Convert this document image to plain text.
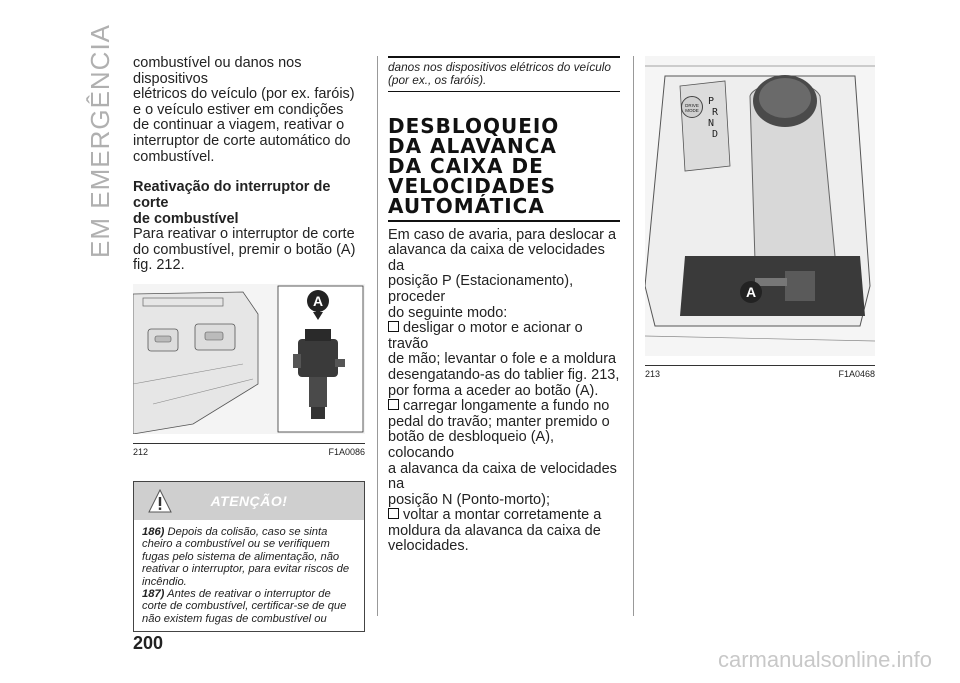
EM EMERGÊNCIA combustível ou danos nos dispositivos
elétricos do veículo (por ex. faróis)
e o veículo estiver em condições
de continuar a viagem, reativar o
interruptor de corte automático do
combustível.

Reativação do interruptor de corte
de combustível

Para reativar o interruptor de corte
do combustível, premir o botão (A)
fig. 212.

A
212	F1A0086
ATENÇÃO!
186) Depois da colisão, caso se sinta
cheiro a combustível ou se verifiquem
fugas pelo sistema de alimentação, não
reativar o interruptor, para evitar riscos de
incêndio.
187) Antes de reativar o interruptor de
corte de combustível, certificar-se de que
não existem fugas de combustível ou
danos nos dispositivos elétricos do veículo
(por ex., os faróis).
DESBLOQUEIO
DA ALAVANCA
DA CAIXA DE
VELOCIDADES
AUTOMÁTICA

Em caso de avaria, para deslocar a
alavanca da caixa de velocidades da
posição P (Estacionamento), proceder
do seguinte modo:

desligar o motor e acionar o travão
de mão; levantar o fole e a moldura
desengatando-as do tablier fig. 213,
por forma a aceder ao botão (A).

carregar longamente a fundo no
pedal do travão; manter premido o
botão de desbloqueio (A), colocando
a alavanca da caixa de velocidades na
posição N (Ponto-morto);

voltar a montar corretamente a
moldura da alavanca da caixa de
velocidades.

DRIVE
MODE
P
R
N
D
A
213	F1A0468
200
carmanualsonline.info
